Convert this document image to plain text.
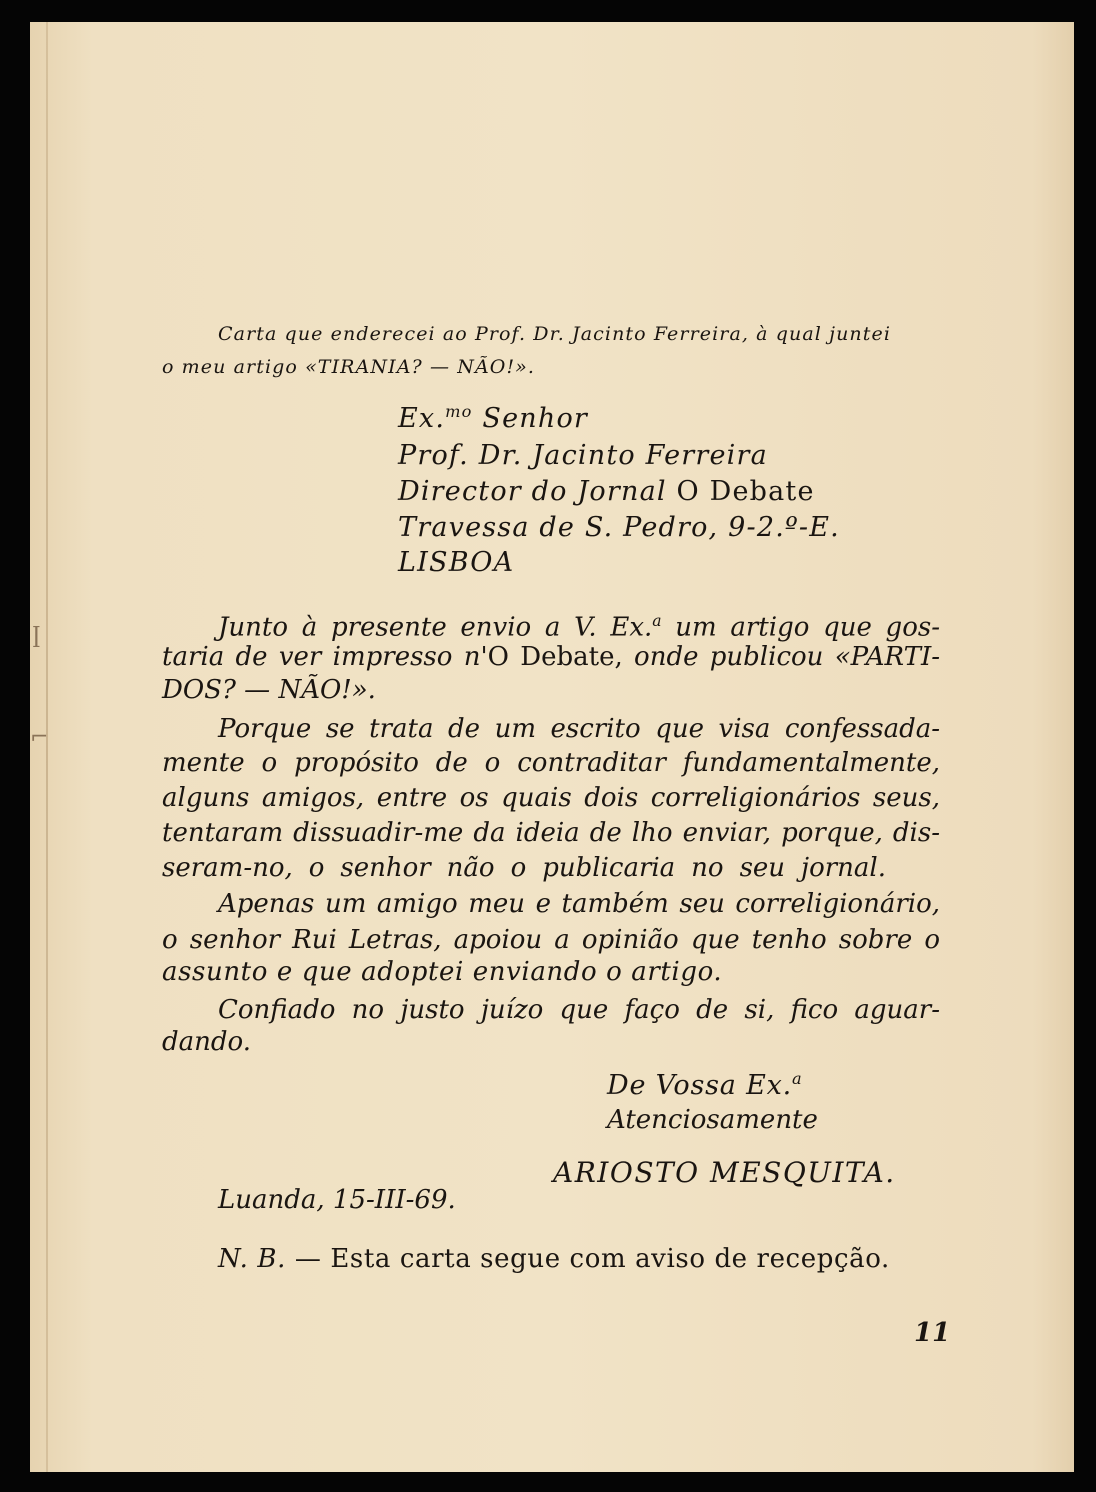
ꟾ
⌐
Carta que enderecei ao Prof. Dr. Jacinto Ferreira, à qual juntei
o meu artigo «TIRANIA? — NÃO!».
Ex.$^{mo}$ Senhor
Prof. Dr. Jacinto Ferreira
Director do Jornal O Debate
Travessa de S. Pedro, 9-2.º-E.
LISBOA
Junto à presente envio a V. Ex.$^a$ um artigo que gos-
taria de ver impresso n'O Debate, onde publicou «PARTI-
DOS? — NÃO!».
Porque se trata de um escrito que visa confessada-
mente o propósito de o contraditar fundamentalmente,
alguns amigos, entre os quais dois correligionários seus,
tentaram dissuadir-me da ideia de lho enviar, porque, dis-
seram-no, o senhor não o publicaria no seu jornal.
Apenas um amigo meu e também seu correligionário,
o senhor Rui Letras, apoiou a opinião que tenho sobre o
assunto e que adoptei enviando o artigo.
Confiado no justo juízo que faço de si, fico aguar-
dando.
De Vossa Ex.$^a$
Atenciosamente
ARIOSTO MESQUITA.
Luanda, 15-III-69.
N. B. — Esta carta segue com aviso de recepção.
11
